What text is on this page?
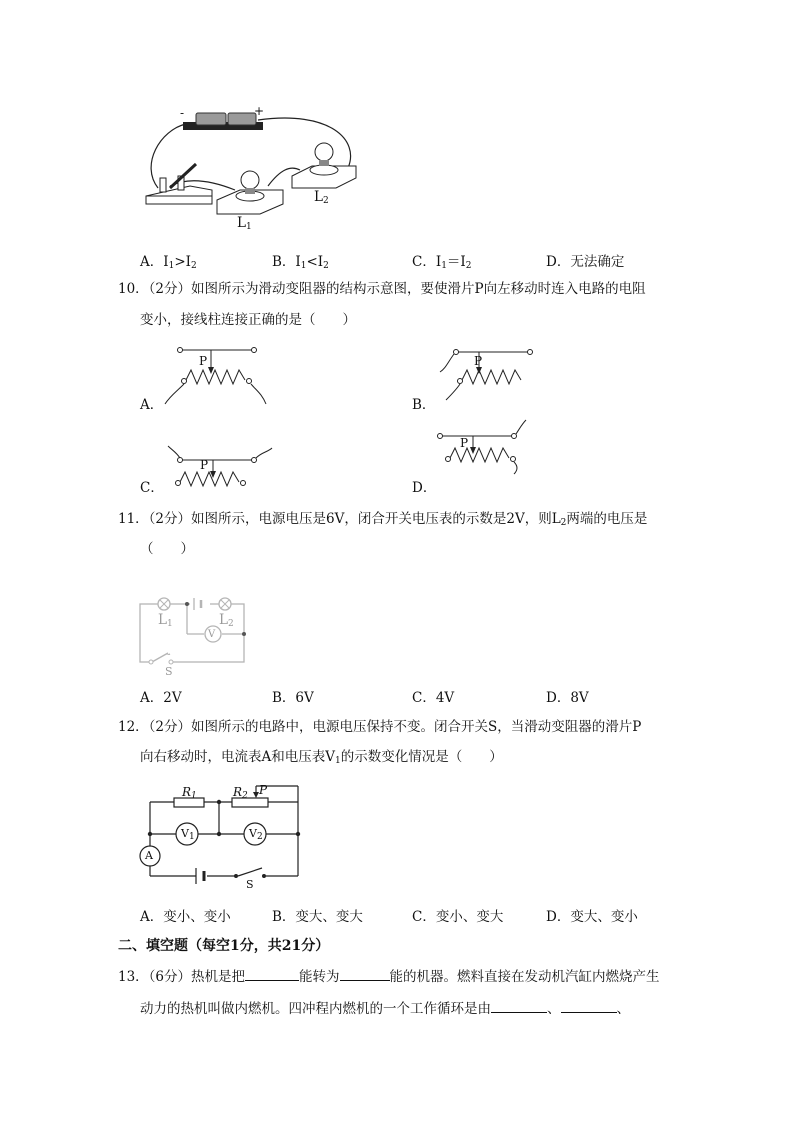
-	+
$L_1$
$L_2$
A．$I_1>I_2$	B．$I_1<I_2$	C．$I_1=I_2$	D．无法确定
10．（2分）如图所示为滑动变阻器的结构示意图，要使滑片P向左移动时连入电路的电阻
变小，接线柱连接正确的是（　　）
P	P
P
P
A．	B．
C．	D．
11．（2分）如图所示，电源电压是6V，闭合开关电压表的示数是2V，则$L_2$两端的电压是
（　　）
$L_1$	$L_2$
V
S
A．2V	B．6V	C．4V	D．8V
12．（2分）如图所示的电路中，电源电压保持不变。闭合开关S，当滑动变阻器的滑片P
向右移动时，电流表A和电压表$V_1$的示数变化情况是（　　）
$R_1$	$R_2$ P
$V_1$	$V_2$
A
S
A．变小、变小	B．变大、变大	C．变小、变大	D．变大、变小
二、填空题（每空1分，共21分）
13．（6分）热机是把	能转为	能的机器。燃料直接在发动机汽缸内燃烧产生
动力的热机叫做内燃机。四冲程内燃机的一个工作循环是由	、	、
